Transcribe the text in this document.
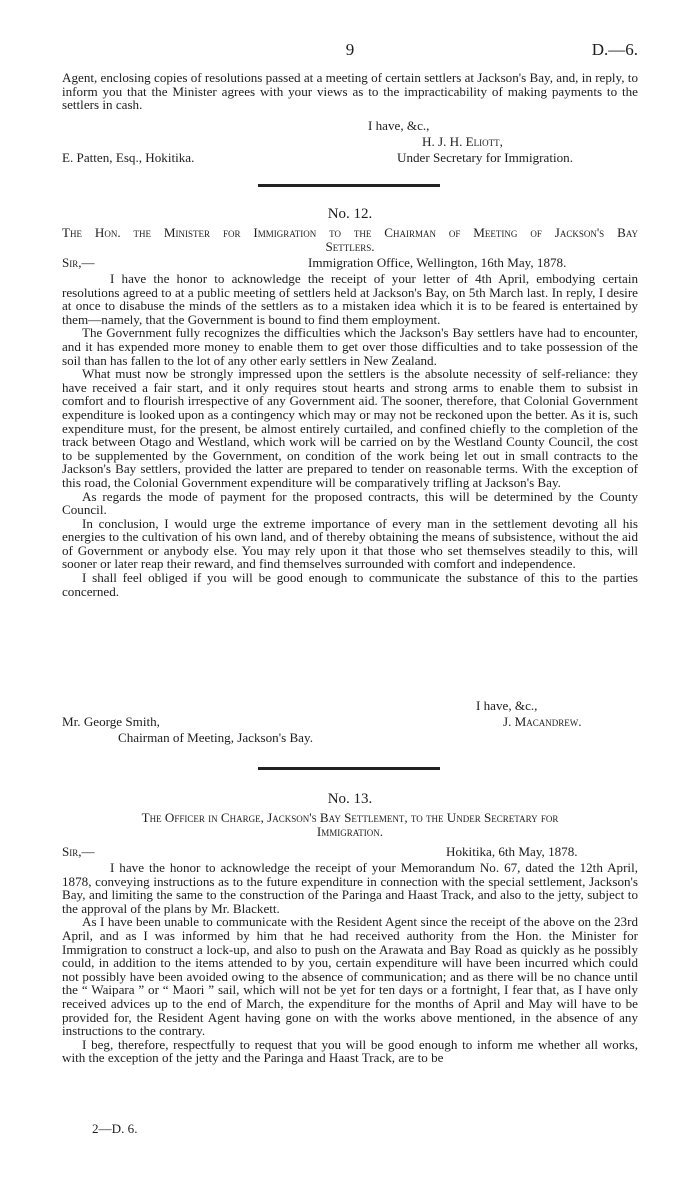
9	D.—6.

Agent, enclosing copies of resolutions passed at a meeting of certain settlers at Jackson's Bay, and, in reply, to inform you that the Minister agrees with your views as to the impracticability of making payments to the settlers in cash.

I have, &c.,
H. J. H. Eliott,
E. Patten, Esq., Hokitika.	Under Secretary for Immigration.
No. 12.
The Hon. the Minister for Immigration to the Chairman of Meeting of Jackson's Bay
Settlers.
Sir,—	Immigration Office, Wellington, 16th May, 1878.

I have the honor to acknowledge the receipt of your letter of 4th April, embodying certain resolutions agreed to at a public meeting of settlers held at Jackson's Bay, on 5th March last. In reply, I desire at once to disabuse the minds of the settlers as to a mistaken idea which it is to be feared is entertained by them—namely, that the Government is bound to find them employment.

The Government fully recognizes the difficulties which the Jackson's Bay settlers have had to encounter, and it has expended more money to enable them to get over those difficulties and to take possession of the soil than has fallen to the lot of any other early settlers in New Zealand.

What must now be strongly impressed upon the settlers is the absolute necessity of self-reliance: they have received a fair start, and it only requires stout hearts and strong arms to enable them to subsist in comfort and to flourish irrespective of any Government aid. The sooner, therefore, that Colonial Government expenditure is looked upon as a contingency which may or may not be reckoned upon the better. As it is, such expenditure must, for the present, be almost entirely curtailed, and confined chiefly to the completion of the track between Otago and Westland, which work will be carried on by the Westland County Council, the cost to be supplemented by the Government, on condition of the work being let out in small contracts to the Jackson's Bay settlers, provided the latter are prepared to tender on reasonable terms. With the exception of this road, the Colonial Government expenditure will be comparatively trifling at Jackson's Bay.

As regards the mode of payment for the proposed contracts, this will be determined by the County Council.

In conclusion, I would urge the extreme importance of every man in the settlement devoting all his energies to the cultivation of his own land, and of thereby obtaining the means of subsistence, without the aid of Government or anybody else. You may rely upon it that those who set themselves steadily to this, will sooner or later reap their reward, and find themselves surrounded with comfort and independence.

I shall feel obliged if you will be good enough to communicate the substance of this to the parties concerned.

I have, &c.,
Mr. George Smith,	J. Macandrew.
Chairman of Meeting, Jackson's Bay.
No. 13.
The Officer in Charge, Jackson's Bay Settlement, to the Under Secretary for
Immigration.
Sir,—	Hokitika, 6th May, 1878.

I have the honor to acknowledge the receipt of your Memorandum No. 67, dated the 12th April, 1878, conveying instructions as to the future expenditure in connection with the special settlement, Jackson's Bay, and limiting the same to the construction of the Paringa and Haast Track, and also to the jetty, subject to the approval of the plans by Mr. Blackett.

As I have been unable to communicate with the Resident Agent since the receipt of the above on the 23rd April, and as I was informed by him that he had received authority from the Hon. the Minister for Immigration to construct a lock-up, and also to push on the Arawata and Bay Road as quickly as he possibly could, in addition to the items attended to by you, certain expenditure will have been incurred which could not possibly have been avoided owing to the absence of communication; and as there will be no chance until the “ Waipara ” or “ Maori ” sail, which will not be yet for ten days or a fortnight, I fear that, as I have only received advices up to the end of March, the expenditure for the months of April and May will have to be provided for, the Resident Agent having gone on with the works above mentioned, in the absence of any instructions to the contrary.

I beg, therefore, respectfully to request that you will be good enough to inform me whether all works, with the exception of the jetty and the Paringa and Haast Track, are to be

2—D. 6.
